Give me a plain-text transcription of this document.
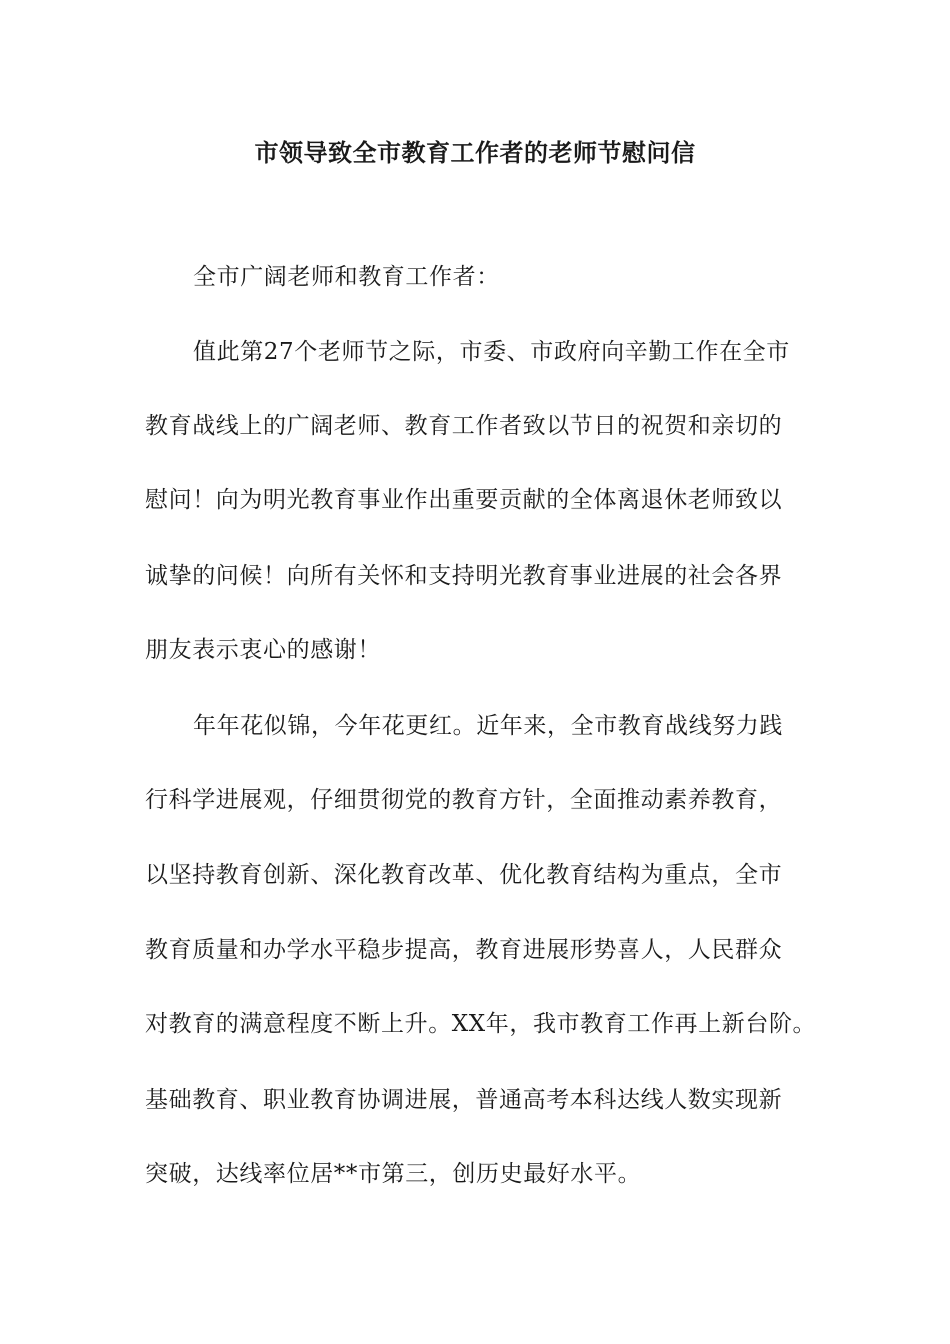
市领导致全市教育工作者的老师节慰问信
全市广阔老师和教育工作者：
值此第27个老师节之际，市委、市政府向辛勤工作在全市
教育战线上的广阔老师、教育工作者致以节日的祝贺和亲切的
慰问！向为明光教育事业作出重要贡献的全体离退休老师致以
诚挚的问候！向所有关怀和支持明光教育事业进展的社会各界
朋友表示衷心的感谢！
年年花似锦，今年花更红。近年来，全市教育战线努力践
行科学进展观，仔细贯彻党的教育方针，全面推动素养教育，
以坚持教育创新、深化教育改革、优化教育结构为重点，全市
教育质量和办学水平稳步提高，教育进展形势喜人，人民群众
对教育的满意程度不断上升。XX年，我市教育工作再上新台阶。
基础教育、职业教育协调进展，普通高考本科达线人数实现新
突破，达线率位居**市第三，创历史最好水平。
